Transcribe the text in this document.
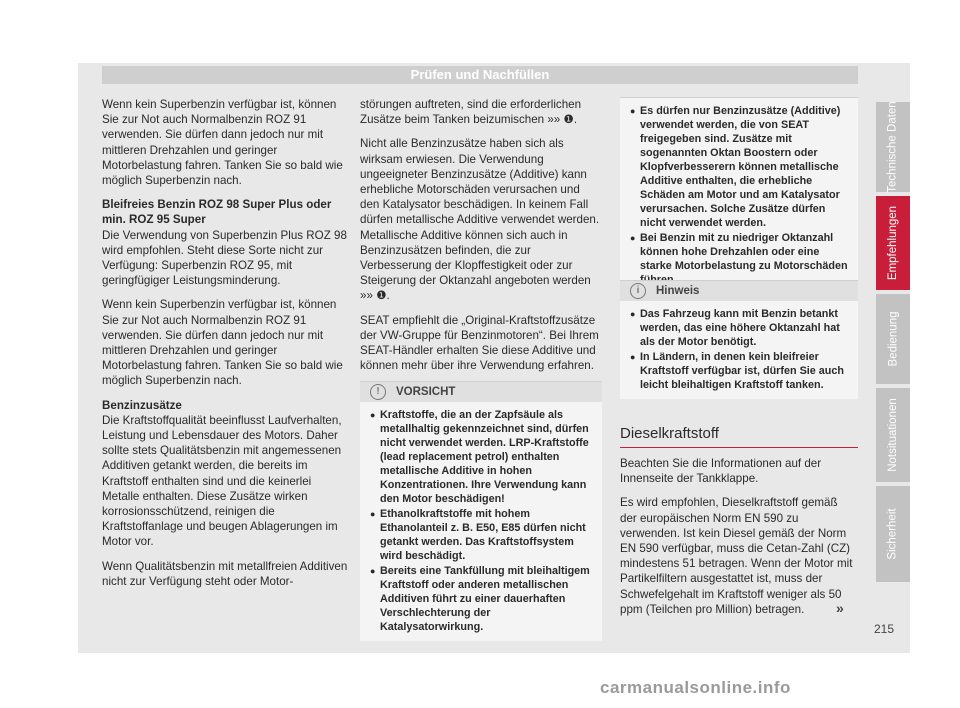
Prüfen und Nachfüllen

Wenn kein Superbenzin verfügbar ist, können Sie zur Not auch Normalbenzin ROZ 91 verwenden. Sie dürfen dann jedoch nur mit mittleren Drehzahlen und geringer Motorbelastung fahren. Tanken Sie so bald wie möglich Superbenzin nach.

Bleifreies Benzin ROZ 98 Super Plus oder min. ROZ 95 Super

Die Verwendung von Superbenzin Plus ROZ 98 wird empfohlen. Steht diese Sorte nicht zur Verfügung: Superbenzin ROZ 95, mit geringfügiger Leistungsminderung.

Wenn kein Superbenzin verfügbar ist, können Sie zur Not auch Normalbenzin ROZ 91 verwenden. Sie dürfen dann jedoch nur mit mittleren Drehzahlen und geringer Motorbelastung fahren. Tanken Sie so bald wie möglich Superbenzin nach.

Benzinzusätze

Die Kraftstoffqualität beeinflusst Laufverhalten, Leistung und Lebensdauer des Motors. Daher sollte stets Qualitätsbenzin mit angemessenen Additiven getankt werden, die bereits im Kraftstoff enthalten sind und die keinerlei Metalle enthalten. Diese Zusätze wirken korrosionsschützend, reinigen die Kraftstoffanlage und beugen Ablagerungen im Motor vor.

Wenn Qualitätsbenzin mit metallfreien Additiven nicht zur Verfügung steht oder Motor-

störungen auftreten, sind die erforderlichen Zusätze beim Tanken beizumischen »» ❶.

Nicht alle Benzinzusätze haben sich als wirksam erwiesen. Die Verwendung ungeeigneter Benzinzusätze (Additive) kann erhebliche Motorschäden verursachen und den Katalysator beschädigen. In keinem Fall dürfen metallische Additive verwendet werden. Metallische Additive können sich auch in Benzinzusätzen befinden, die zur Verbesserung der Klopffestigkeit oder zur Steigerung der Oktanzahl angeboten werden »» ❶.

SEAT empfiehlt die „Original-Kraftstoffzusätze der VW-Gruppe für Benzinmotoren“. Bei Ihrem SEAT-Händler erhalten Sie diese Additive und können mehr über ihre Verwendung erfahren.

!	VORSICHT
● Kraftstoffe, die an der Zapfsäule als metallhaltig gekennzeichnet sind, dürfen nicht verwendet werden. LRP-Kraftstoffe (lead replacement petrol) enthalten metallische Additive in hohen Konzentrationen. Ihre Verwendung kann den Motor beschädigen!
● Ethanolkraftstoffe mit hohem Ethanolanteil z. B. E50, E85 dürfen nicht getankt werden. Das Kraftstoffsystem wird beschädigt.
● Bereits eine Tankfüllung mit bleihaltigem Kraftstoff oder anderen metallischen Additiven führt zu einer dauerhaften Verschlechterung der Katalysatorwirkung.
● Es dürfen nur Benzinzusätze (Additive) verwendet werden, die von SEAT freigegeben sind. Zusätze mit sogenannten Oktan Boostern oder Klopfverbesserern können metallische Additive enthalten, die erhebliche Schäden am Motor und am Katalysator verursachen. Solche Zusätze dürfen nicht verwendet werden.
● Bei Benzin mit zu niedriger Oktanzahl können hohe Drehzahlen oder eine starke Motorbelastung zu Motorschäden
i	Hinweis
● Das Fahrzeug kann mit Benzin betankt werden, das eine höhere Oktanzahl hat als der Motor benötigt.
● In Ländern, in denen kein bleifreier Kraftstoff verfügbar ist, dürfen Sie auch leicht bleihaltigen Kraftstoff tanken.
Dieselkraftstoff

Beachten Sie die Informationen auf der Innenseite der Tankklappe.

Es wird empfohlen, Dieselkraftstoff gemäß der europäischen Norm EN 590 zu verwenden. Ist kein Diesel gemäß der Norm EN 590 verfügbar, muss die Cetan-Zahl (CZ) mindestens 51 betragen. Wenn der Motor mit Partikelfiltern ausgestattet ist, muss der Schwefelgehalt im Kraftstoff weniger als 50 ppm (Teilchen pro Million) betragen.	»
Technische Daten
Empfehlungen
Bedienung
Notsituationen
Sicherheit
215
carmanualsonline.info
